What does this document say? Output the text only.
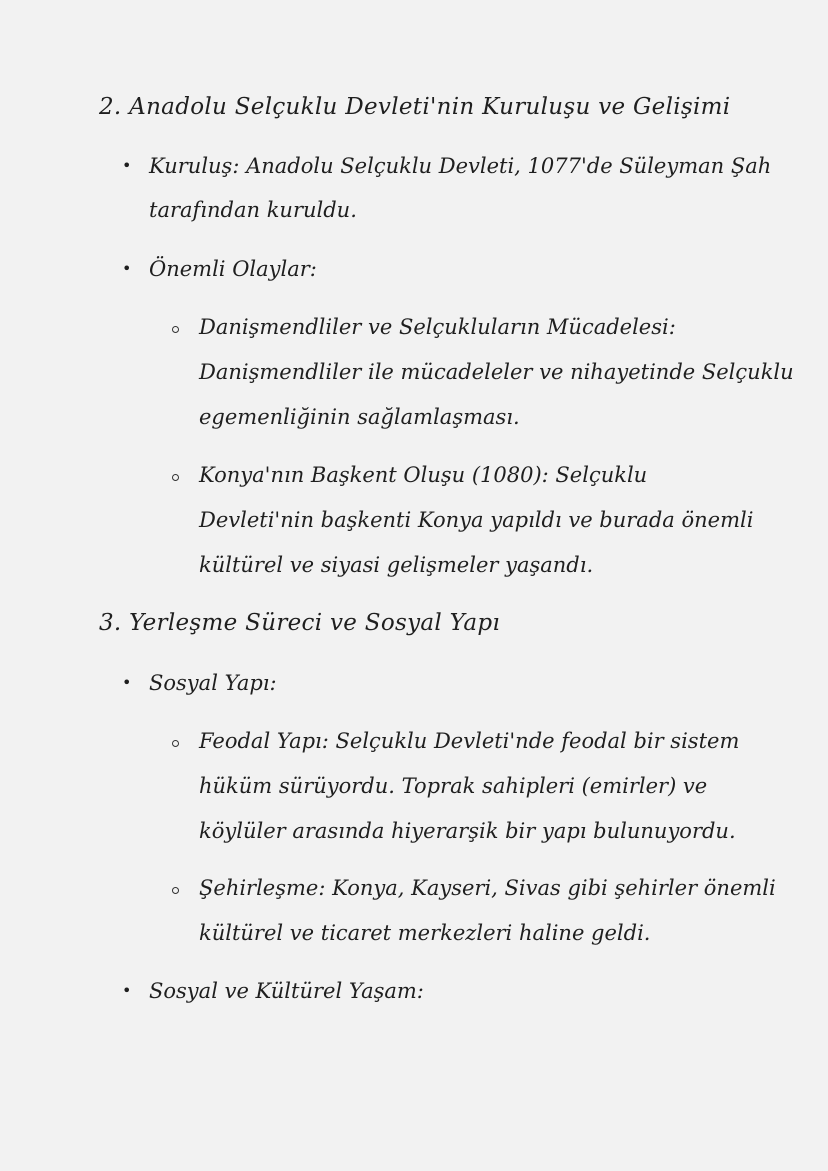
2. Anadolu Selçuklu Devleti'nin Kuruluşu ve Gelişimi
• Kuruluş: Anadolu Selçuklu Devleti, 1077'de Süleyman Şah
tarafından kuruldu.
• Önemli Olaylar:
Danişmendliler ve Selçukluların Mücadelesi:
Danişmendliler ile mücadeleler ve nihayetinde Selçuklu
egemenliğinin sağlamlaşması.
Konya'nın Başkent Oluşu (1080): Selçuklu
Devleti'nin başkenti Konya yapıldı ve burada önemli
kültürel ve siyasi gelişmeler yaşandı.
3. Yerleşme Süreci ve Sosyal Yapı
• Sosyal Yapı:
Feodal Yapı: Selçuklu Devleti'nde feodal bir sistem
hüküm sürüyordu. Toprak sahipleri (emirler) ve
köylüler arasında hiyerarşik bir yapı bulunuyordu.
Şehirleşme: Konya, Kayseri, Sivas gibi şehirler önemli
kültürel ve ticaret merkezleri haline geldi.
• Sosyal ve Kültürel Yaşam:
